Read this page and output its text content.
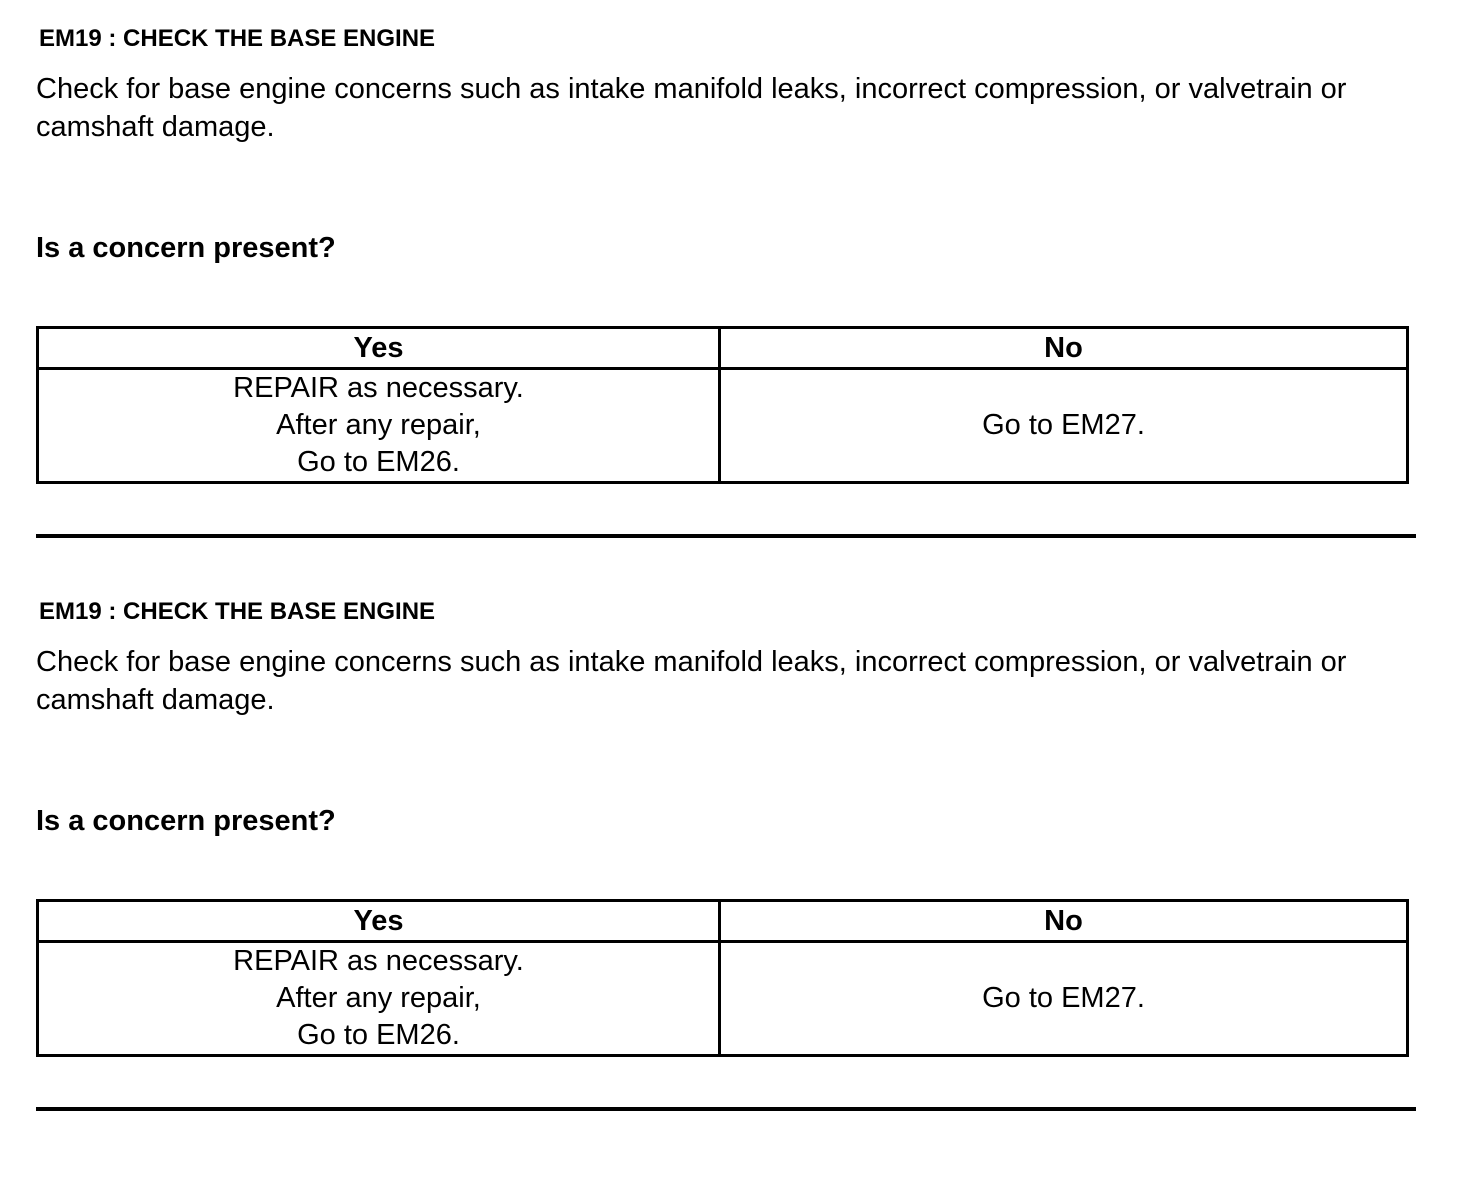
EM19 : CHECK THE BASE ENGINE

Check for base engine concerns such as intake manifold leaks, incorrect compression, or valvetrain or camshaft damage.

Is a concern present?
Yes	No

REPAIR as necessary.
After any repair,
Go to EM26.	Go to EM27.
EM19 : CHECK THE BASE ENGINE

Check for base engine concerns such as intake manifold leaks, incorrect compression, or valvetrain or camshaft damage.

Is a concern present?
Yes	No

REPAIR as necessary.
After any repair,
Go to EM26.	Go to EM27.
